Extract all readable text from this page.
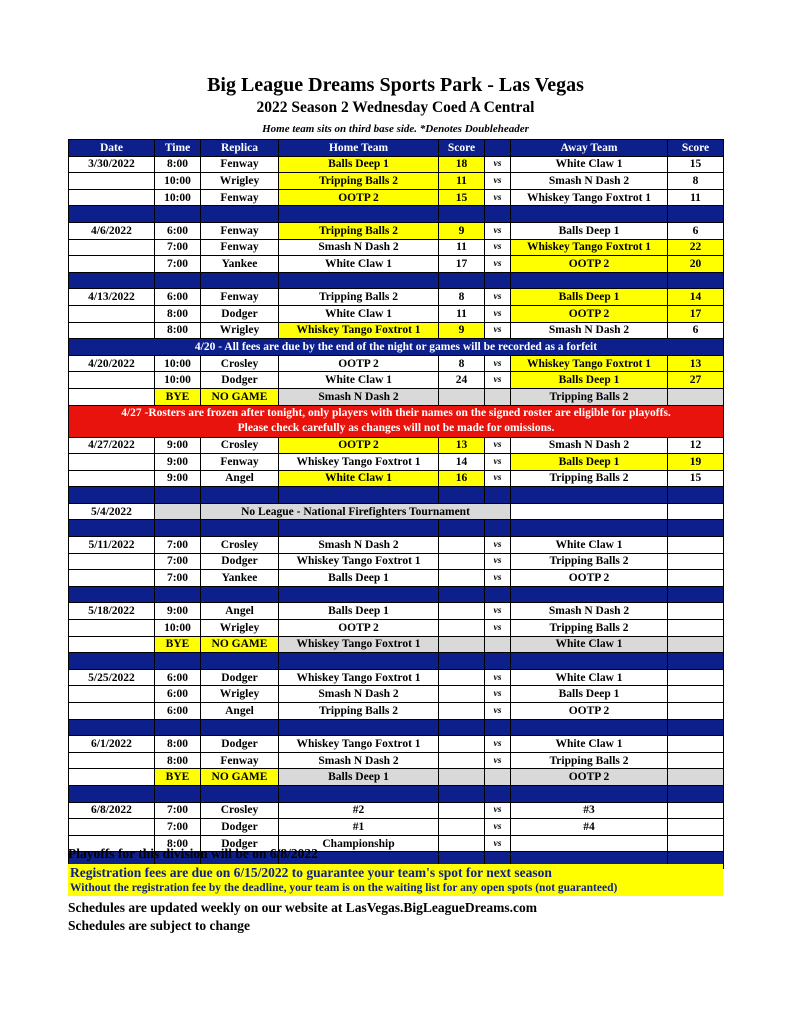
Big League Dreams Sports Park - Las Vegas
2022 Season 2 Wednesday Coed A Central
Home team sits on third base side. *Denotes Doubleheader
Date	Time	Replica	Home Team	Score		Away Team	Score
3/30/2022	8:00	Fenway	Balls Deep 1	18	vs	White Claw 1	15
	10:00	Wrigley	Tripping Balls 2	11	vs	Smash N Dash 2	8
	10:00	Fenway	OOTP 2	15	vs	Whiskey Tango Foxtrot 1	11

4/6/2022	6:00	Fenway	Tripping Balls 2	9	vs	Balls Deep 1	6
	7:00	Fenway	Smash N Dash 2	11	vs	Whiskey Tango Foxtrot 1	22
	7:00	Yankee	White Claw 1	17	vs	OOTP 2	20

4/13/2022	6:00	Fenway	Tripping Balls 2	8	vs	Balls Deep 1	14
	8:00	Dodger	White Claw 1	11	vs	OOTP 2	17
	8:00	Wrigley	Whiskey Tango Foxtrot 1	9	vs	Smash N Dash 2	6
4/20 - All fees are due by the end of the night or games will be recorded as a forfeit							
4/20/2022	10:00	Crosley	OOTP 2	8	vs	Whiskey Tango Foxtrot 1	13
	10:00	Dodger	White Claw 1	24	vs	Balls Deep 1	27
	BYE	NO GAME	Smash N Dash 2			Tripping Balls 2	

4/27 -Rosters are frozen after tonight, only players with their names on the signed roster are eligible for playoffs.
Please check carefully as changes will not be made for omissions.							

4/27/2022	9:00	Crosley	OOTP 2	13	vs	Smash N Dash 2	12
	9:00	Fenway	Whiskey Tango Foxtrot 1	14	vs	Balls Deep 1	19
	9:00	Angel	White Claw 1	16	vs	Tripping Balls 2	15

5/4/2022		No League - National Firefighters Tournament					

5/11/2022	7:00	Crosley	Smash N Dash 2		vs	White Claw 1	
	7:00	Dodger	Whiskey Tango Foxtrot 1		vs	Tripping Balls 2	
	7:00	Yankee	Balls Deep 1		vs	OOTP 2	

5/18/2022	9:00	Angel	Balls Deep 1		vs	Smash N Dash 2	
	10:00	Wrigley	OOTP 2		vs	Tripping Balls 2	
	BYE	NO GAME	Whiskey Tango Foxtrot 1			White Claw 1	

5/25/2022	6:00	Dodger	Whiskey Tango Foxtrot 1		vs	White Claw 1	
	6:00	Wrigley	Smash N Dash 2		vs	Balls Deep 1	
	6:00	Angel	Tripping Balls 2		vs	OOTP 2	

6/1/2022	8:00	Dodger	Whiskey Tango Foxtrot 1		vs	White Claw 1	
	8:00	Fenway	Smash N Dash 2		vs	Tripping Balls 2	
	BYE	NO GAME	Balls Deep 1			OOTP 2	

6/8/2022	7:00	Crosley	#2		vs	#3	
	7:00	Dodger	#1		vs	#4	
	8:00	Dodger	Championship		vs		

Playoffs for this division will be on 6/8/2022
Registration fees are due on 6/15/2022 to guarantee your team's spot for next season
Without the registration fee by the deadline, your team is on the waiting list for any open spots (not guaranteed)
Schedules are updated weekly on our website at LasVegas.BigLeagueDreams.com
Schedules are subject to change
